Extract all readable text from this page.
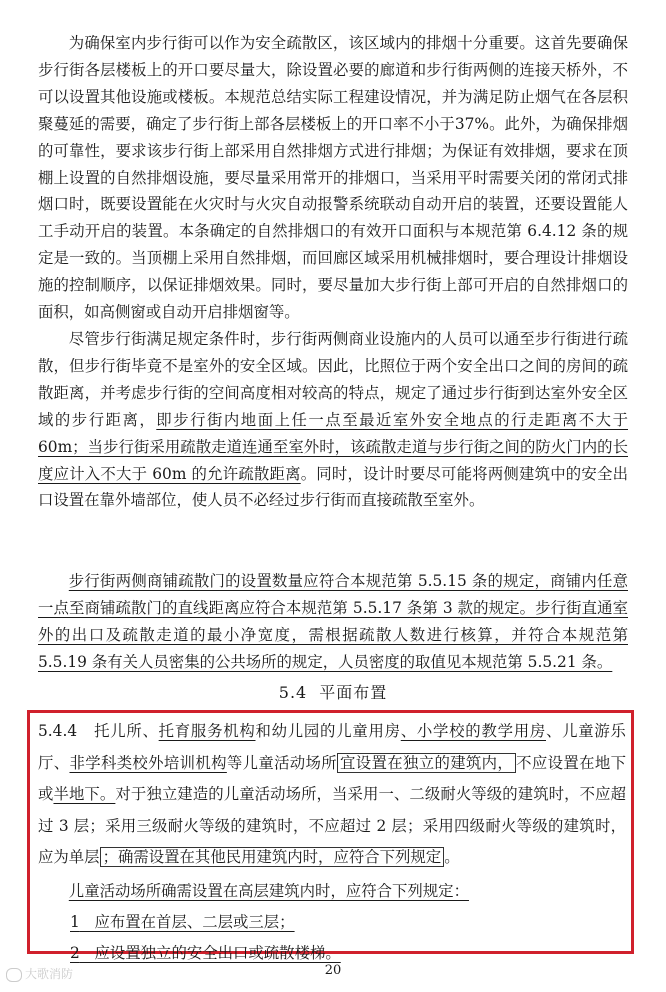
为确保室内步行街可以作为安全疏散区，该区域内的排烟十分重要。这首先要确保步行街各层楼板上的开口要尽量大，除设置必要的廊道和步行街两侧的连接天桥外，不可以设置其他设施或楼板。本规范总结实际工程建设情况，并为满足防止烟气在各层积聚蔓延的需要，确定了步行街上部各层楼板上的开口率不小于37%。此外，为确保排烟的可靠性，要求该步行街上部采用自然排烟方式进行排烟；为保证有效排烟，要求在顶棚上设置的自然排烟设施，要尽量采用常开的排烟口，当采用平时需要关闭的常闭式排烟口时，既要设置能在火灾时与火灾自动报警系统联动自动开启的装置，还要设置能人工手动开启的装置。本条确定的自然排烟口的有效开口面积与本规范第 6.4.12 条的规定是一致的。当顶棚上采用自然排烟，而回廊区域采用机械排烟时，要合理设计排烟设施的控制顺序，以保证排烟效果。同时，要尽量加大步行街上部可开启的自然排烟口的面积，如高侧窗或自动开启排烟窗等。

尽管步行街满足规定条件时，步行街两侧商业设施内的人员可以通至步行街进行疏散，但步行街毕竟不是室外的安全区域。因此，比照位于两个安全出口之间的房间的疏散距离，并考虑步行街的空间高度相对较高的特点，规定了通过步行街到达室外安全区域的步行距离，即步行街内地面上任一点至最近室外安全地点的行走距离不大于 60m；当步行街采用疏散走道连通至室外时，该疏散走道与步行街之间的防火门内的长度应计入不大于 60m 的允许疏散距离。同时，设计时要尽可能将两侧建筑中的安全出口设置在靠外墙部位，使人员不必经过步行街而直接疏散至室外。

步行街两侧商铺疏散门的设置数量应符合本规范第 5.5.15 条的规定，商铺内任意一点至商铺疏散门的直线距离应符合本规范第 5.5.17 条第 3 款的规定。步行街直通室外的出口及疏散走道的最小净宽度，需根据疏散人数进行核算，并符合本规范第 5.5.19 条有关人员密集的公共场所的规定，人员密度的取值见本规范第 5.5.21 条。

5.4 平面布置

5.4.4 托儿所、托育服务机构和幼儿园的儿童用房、小学校的教学用房、儿童游乐厅、非学科类校外培训机构等儿童活动场所 宜设置在独立的建筑内， 不应设置在地下或半地下。对于独立建造的儿童活动场所，当采用一、二级耐火等级的建筑时，不应超过 3 层；采用三级耐火等级的建筑时，不应超过 2 层；采用四级耐火等级的建筑时，应为单层 ；确需设置在其他民用建筑内时，应符合下列规定 。

儿童活动场所确需设置在高层建筑内时，应符合下列规定：

1 应布置在首层、二层或三层；

2 应设置独立的安全出口或疏散楼梯。

20
大歌消防
